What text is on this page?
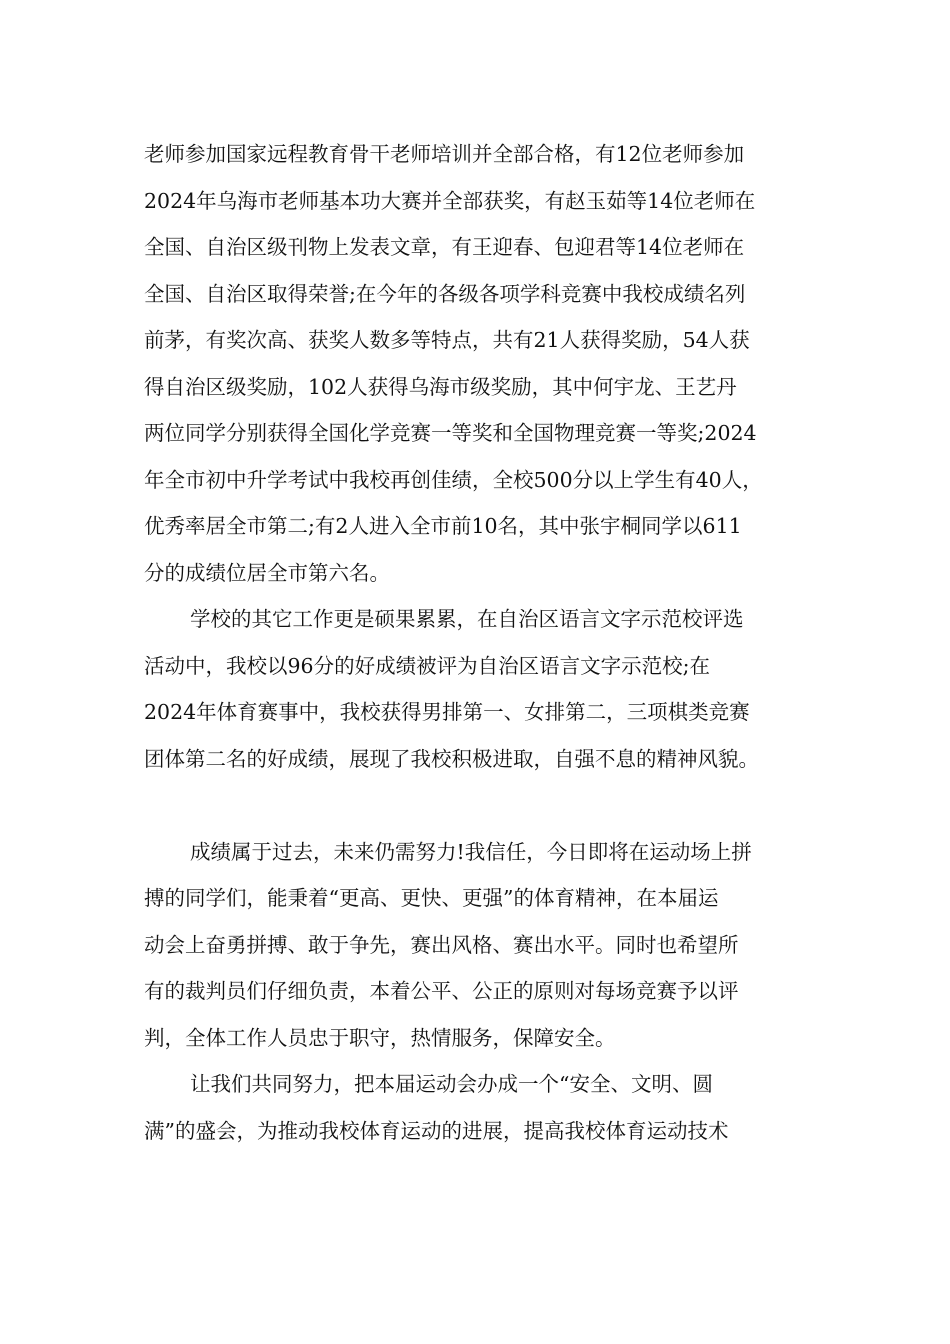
老师参加国家远程教育骨干老师培训并全部合格，有12位老师参加
2024年乌海市老师基本功大赛并全部获奖，有赵玉茹等14位老师在
全国、自治区级刊物上发表文章，有王迎春、包迎君等14位老师在
全国、自治区取得荣誉;在今年的各级各项学科竞赛中我校成绩名列
前茅，有奖次高、获奖人数多等特点，共有21人获得奖励，54人获
得自治区级奖励，102人获得乌海市级奖励，其中何宇龙、王艺丹
两位同学分别获得全国化学竞赛一等奖和全国物理竞赛一等奖;2024
年全市初中升学考试中我校再创佳绩，全校500分以上学生有40人，
优秀率居全市第二;有2人进入全市前10名，其中张宇桐同学以611
分的成绩位居全市第六名。
学校的其它工作更是硕果累累，在自治区语言文字示范校评选
活动中，我校以96分的好成绩被评为自治区语言文字示范校;在
2024年体育赛事中，我校获得男排第一、女排第二，三项棋类竞赛
团体第二名的好成绩，展现了我校积极进取，自强不息的精神风貌。
成绩属于过去，未来仍需努力!我信任，今日即将在运动场上拼
搏的同学们，能秉着“更高、更快、更强”的体育精神，在本届运
动会上奋勇拼搏、敢于争先，赛出风格、赛出水平。同时也希望所
有的裁判员们仔细负责，本着公平、公正的原则对每场竞赛予以评
判，全体工作人员忠于职守，热情服务，保障安全。
让我们共同努力，把本届运动会办成一个“安全、文明、圆
满”的盛会，为推动我校体育运动的进展，提高我校体育运动技术
